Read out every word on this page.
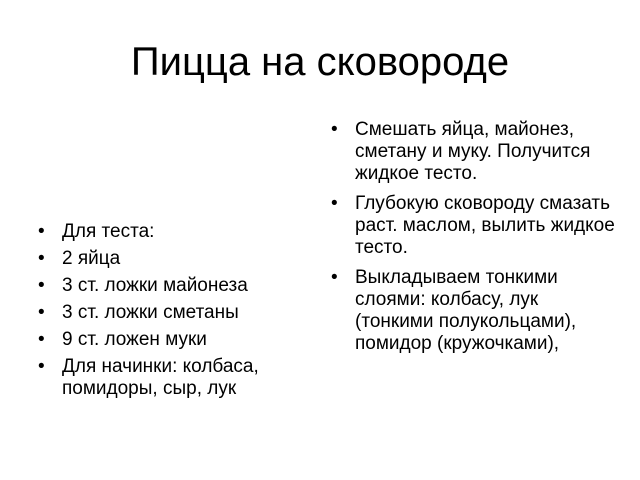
Пицца на сковороде
• Для теста:
• 2 яйца
• 3 ст. ложки майонеза
• 3 ст. ложки сметаны
• 9 ст. ложен муки
• Для начинки: колбаса, помидоры, сыр, лук
• Смешать яйца, майонез, сметану и муку. Получится жидкое тесто.
• Глубокую сковороду смазать раст. маслом, вылить жидкое тесто.
• Выкладываем тонкими слоями: колбасу, лук (тонкими полукольцами), помидор (кружочками),
